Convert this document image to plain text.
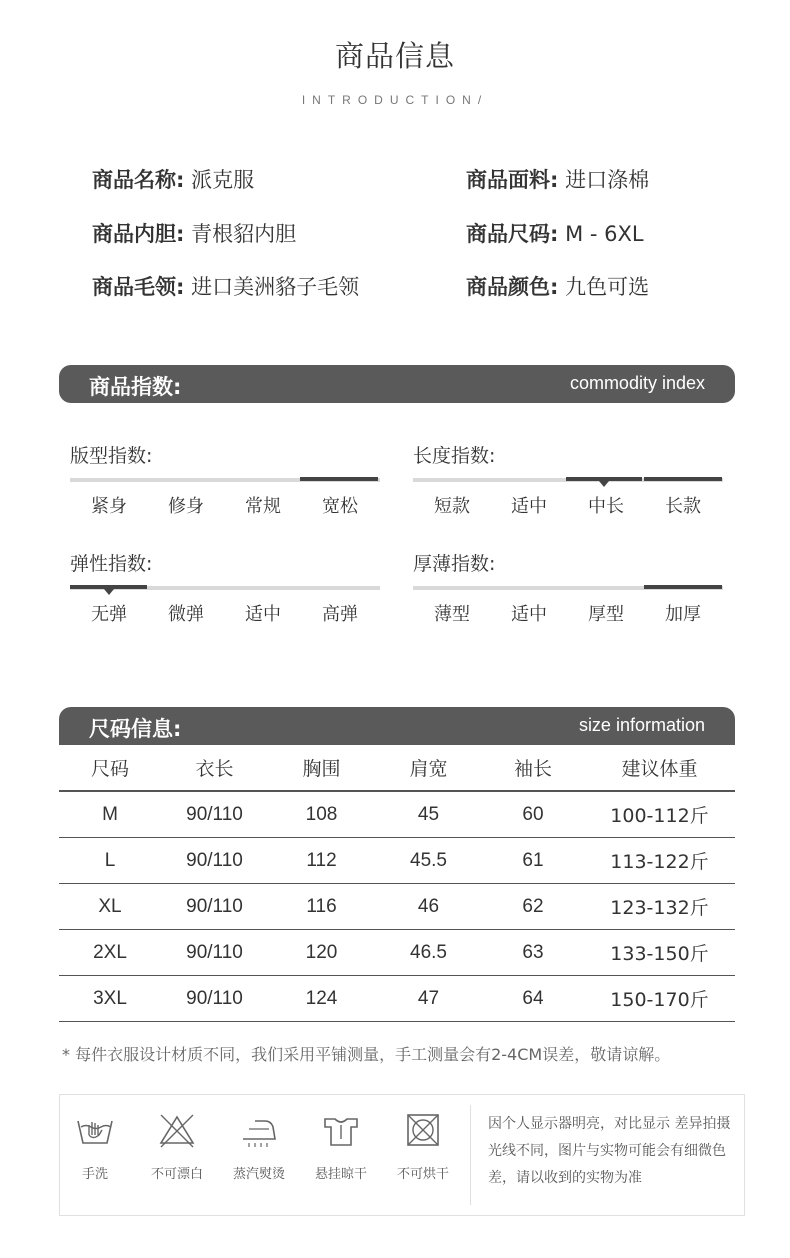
商品信息
INTRODUCTION/
商品名称: 派克服	商品面料: 进口涤棉
商品内胆: 青根貂内胆	商品尺码: M - 6XL
商品毛领: 进口美洲貉子毛领	商品颜色: 九色可选
商品指数:	commodity index
版型指数:
紧身	修身	常规	宽松
长度指数:
短款	适中	中长	长款
弹性指数:
无弹	微弹	适中	高弹
厚薄指数:
薄型	适中	厚型	加厚
尺码信息:	size information
尺码	衣长	胸围	肩宽	袖长	建议体重
M	90/110	108	45	60	100-112斤
L	90/110	112	45.5	61	113-122斤
XL	90/110	116	46	62	123-132斤
2XL	90/110	120	46.5	63	133-150斤
3XL	90/110	124	47	64	150-170斤
* 每件衣服设计材质不同，我们采用平铺测量，手工测量会有2-4CM误差，敬请谅解。
手洗	不可漂白	蒸汽熨烫	悬挂晾干	不可烘干
因个人显示器明亮，对比显示 差异拍摄光线不同，图片与实物可能会有细微色差，请以收到的实物为准
